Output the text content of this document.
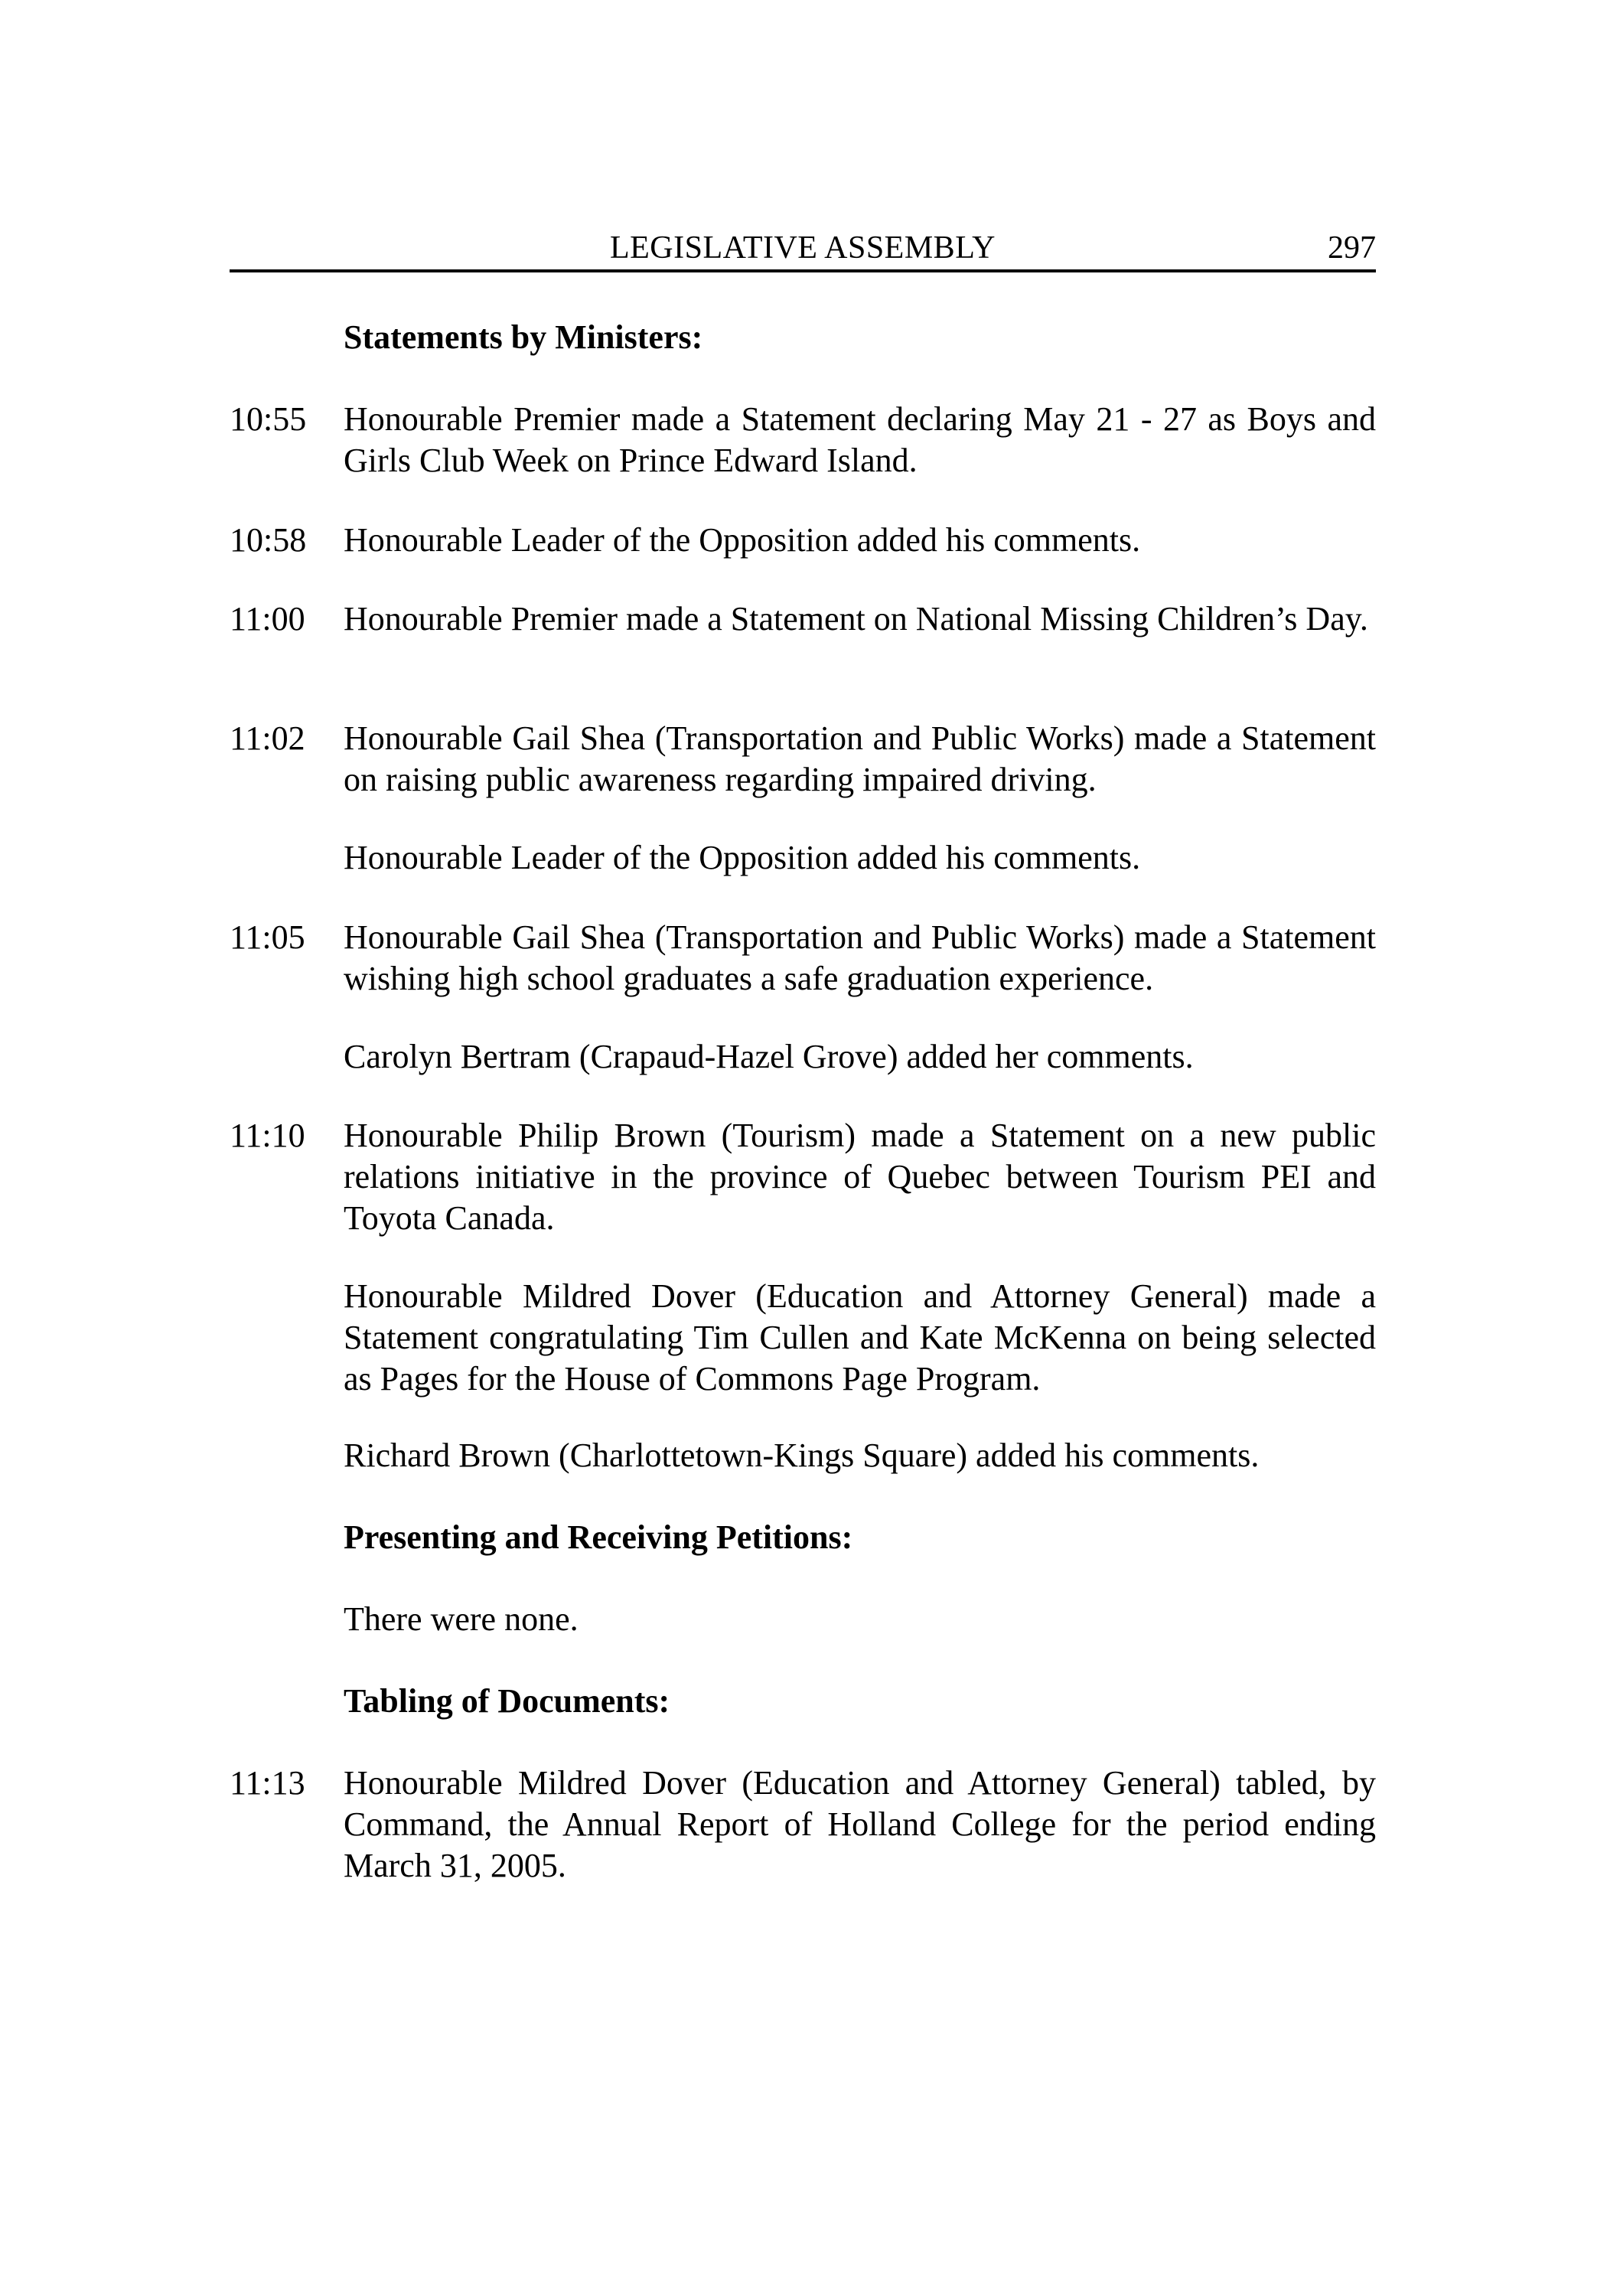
LEGISLATIVE ASSEMBLY	297
Statements by Ministers:
10:55	Honourable Premier made a Statement declaring May 21 - 27 as Boys and Girls Club Week on Prince Edward Island.
10:58	Honourable Leader of the Opposition added his comments.
11:00	Honourable Premier made a Statement on National Missing Children’s Day.
11:02	Honourable Gail Shea (Transportation and Public Works) made a Statement on raising public awareness regarding impaired driving.
Honourable Leader of the Opposition added his comments.
11:05	Honourable Gail Shea (Transportation and Public Works) made a Statement wishing high school graduates a safe graduation experience.
Carolyn Bertram (Crapaud-Hazel Grove) added her comments.
11:10	Honourable Philip Brown (Tourism) made a Statement on a new public relations initiative in the province of Quebec between Tourism PEI and Toyota Canada.
Honourable Mildred Dover (Education and Attorney General) made a Statement congratulating Tim Cullen and Kate McKenna on being selected as Pages for the House of Commons Page Program.
Richard Brown (Charlottetown-Kings Square) added his comments.
Presenting and Receiving Petitions:
There were none.
Tabling of Documents:
11:13	Honourable Mildred Dover (Education and Attorney General) tabled, by Command, the Annual Report of Holland College for the period ending March 31, 2005.
